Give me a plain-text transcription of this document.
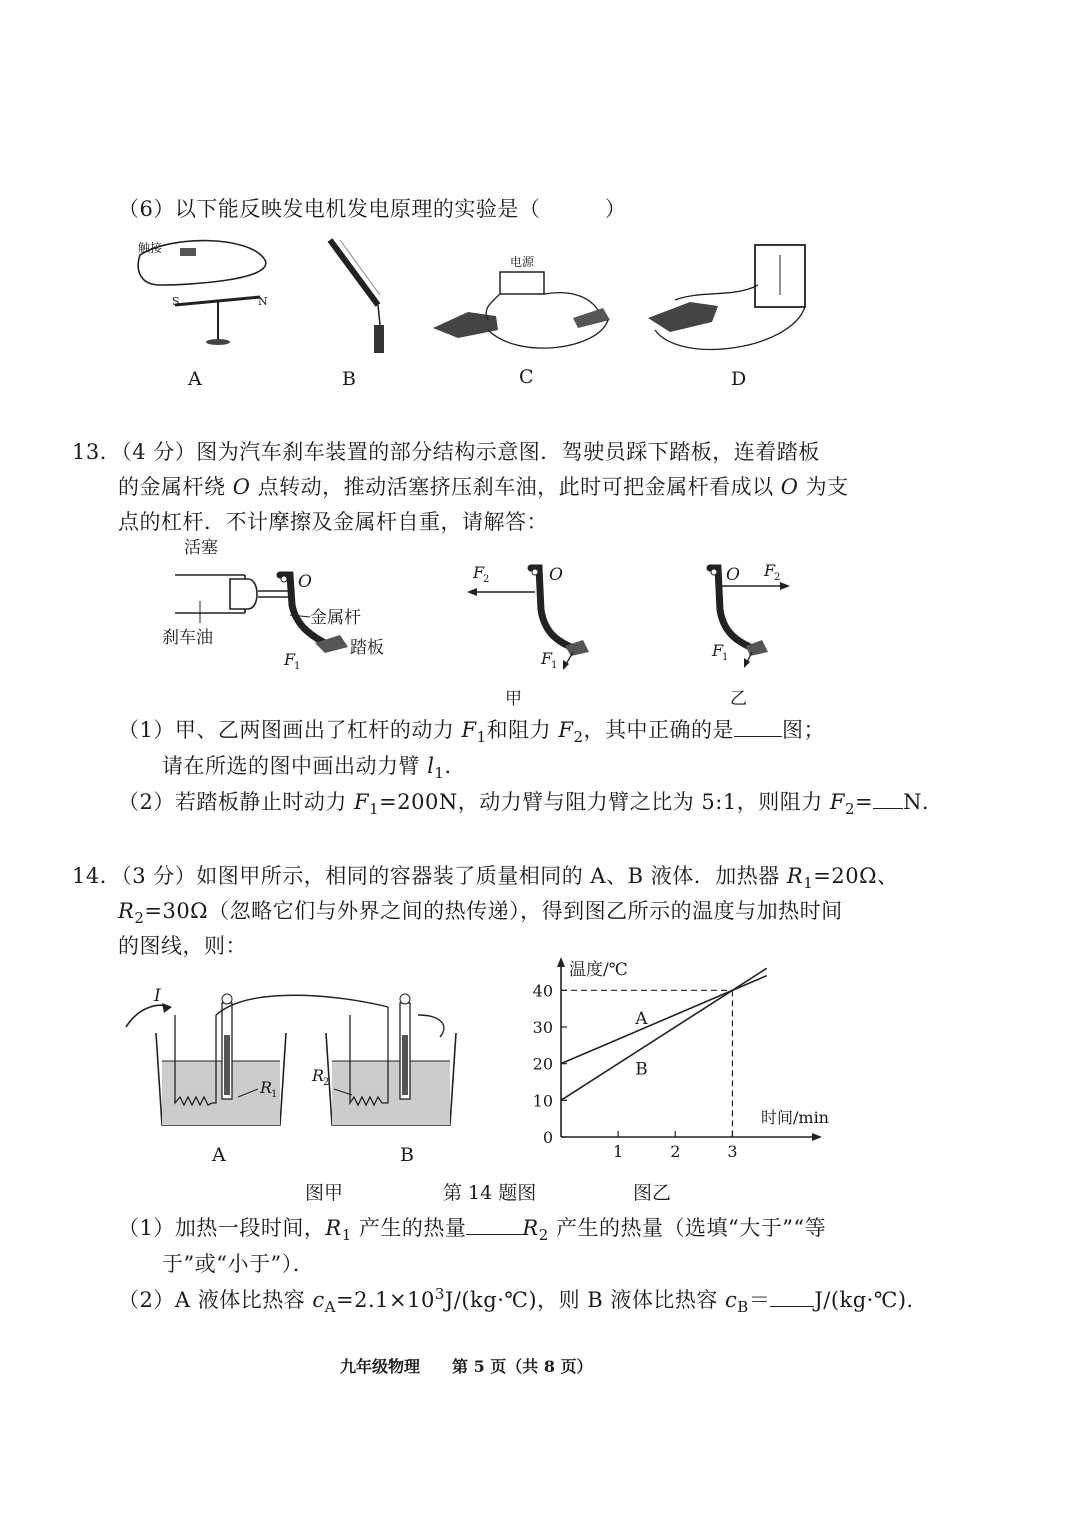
（6）以下能反映发电机发电原理的实验是（　　　）
触接
S	N
A	B
电源
C	D
13．（4 分）图为汽车刹车装置的部分结构示意图．驾驶员踩下踏板，连着踏板
的金属杆绕 O 点转动，推动活塞挤压刹车油，此时可把金属杆看成以 O 为支
点的杠杆．不计摩擦及金属杆自重，请解答：
活塞
刹车油
O
金属杆
踏板
F
1
O
F
2
F
1
甲
O F
2
F
1
乙
（1）甲、乙两图画出了杠杆的动力 $F_1$和阻力 $F_2$，其中正确的是 图；
请在所选的图中画出动力臂 $l_1$．
（2）若踏板静止时动力 $F_1=200N$，动力臂与阻力臂之比为 5:1，则阻力 $F_2= N$．
14．（3 分）如图甲所示，相同的容器装了质量相同的 A、B 液体．加热器 $R_1=20\Omega$、
$R_2=30\Omega$（忽略它们与外界之间的热传递），得到图乙所示的温度与加热时间
的图线，则：
I
R
1
R
2
A	B
温度/℃
时间/min
0
10
20
30
40
1	2	3
A
B
图甲	第 14 题图	图乙
（1）加热一段时间，$R_1$ 产生的热量	$R_2$ 产生的热量（选填“大于”“等
于”或“小于”）．
（2）A 液体比热容 $c_A=2.1\times 10^3J/(kg\cdot℃)$，则 B 液体比热容 $c_B=$ J/(kg·℃)．
九年级物理　　第 5 页（共 8 页）
